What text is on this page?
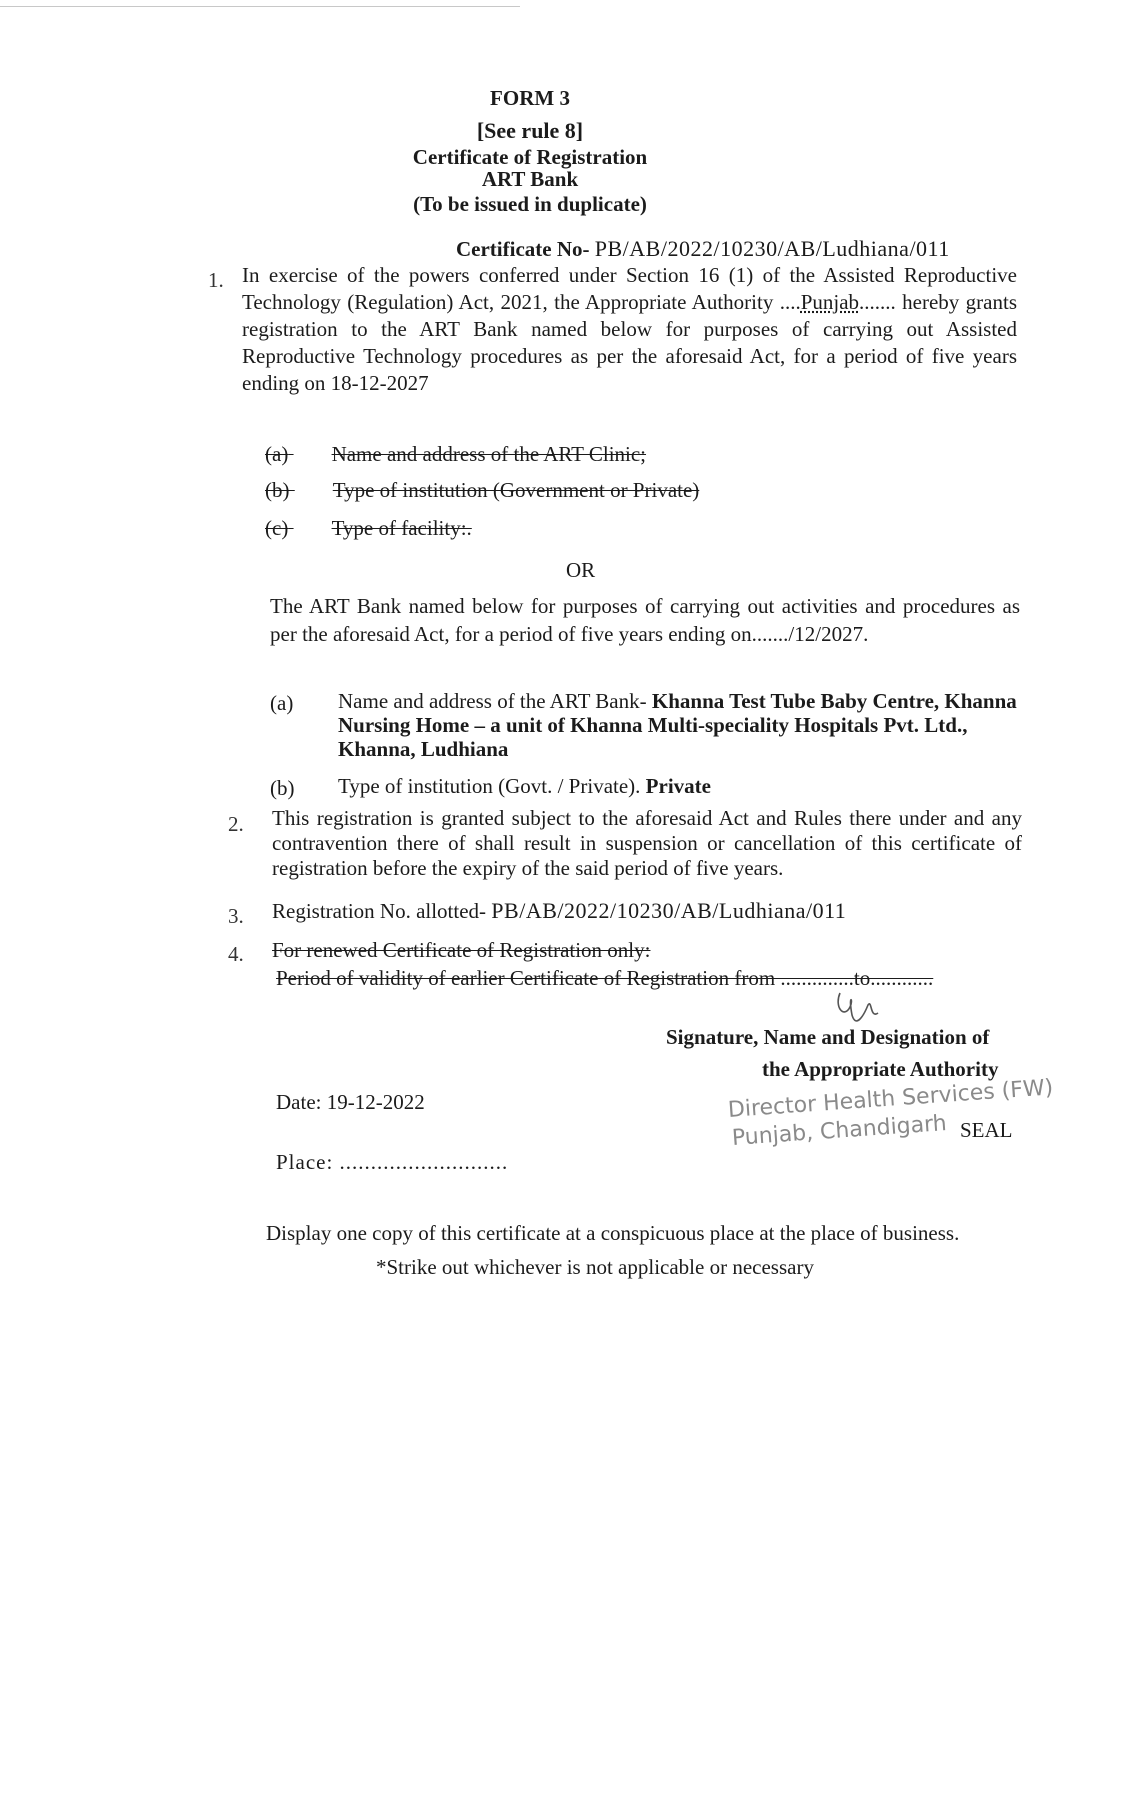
FORM 3
[See rule 8]
Certificate of Registration
ART Bank
(To be issued in duplicate)
Certificate No- PB/AB/2022/10230/AB/Ludhiana/011
1. In exercise of the powers conferred under Section 16 (1) of the Assisted Reproductive Technology (Regulation) Act, 2021, the Appropriate Authority ....Punjab....... hereby grants registration to the ART Bank named below for purposes of carrying out Assisted Reproductive Technology procedures as per the aforesaid Act, for a period of five years ending on 18-12-2027
(a) Name and address of the ART Clinic;
(b) Type of institution (Government or Private)
(c) Type of facility:.
OR
The ART Bank named below for purposes of carrying out activities and procedures as per the aforesaid Act, for a period of five years ending on......./12/2027.
(a) Name and address of the ART Bank- Khanna Test Tube Baby Centre, Khanna Nursing Home – a unit of Khanna Multi-speciality Hospitals Pvt. Ltd., Khanna, Ludhiana
(b) Type of institution (Govt. / Private). Private
2. This registration is granted subject to the aforesaid Act and Rules there under and any contravention there of shall result in suspension or cancellation of this certificate of registration before the expiry of the said period of five years.
3. Registration No. allotted- PB/AB/2022/10230/AB/Ludhiana/011
4. For renewed Certificate of Registration only:
Period of validity of earlier Certificate of Registration from ..............to............
Signature, Name and Designation of
the Appropriate Authority
Director Health Services (FW)
Punjab, Chandigarh SEAL
Date: 19-12-2022
Place: ...........................
Display one copy of this certificate at a conspicuous place at the place of business.
*Strike out whichever is not applicable or necessary
